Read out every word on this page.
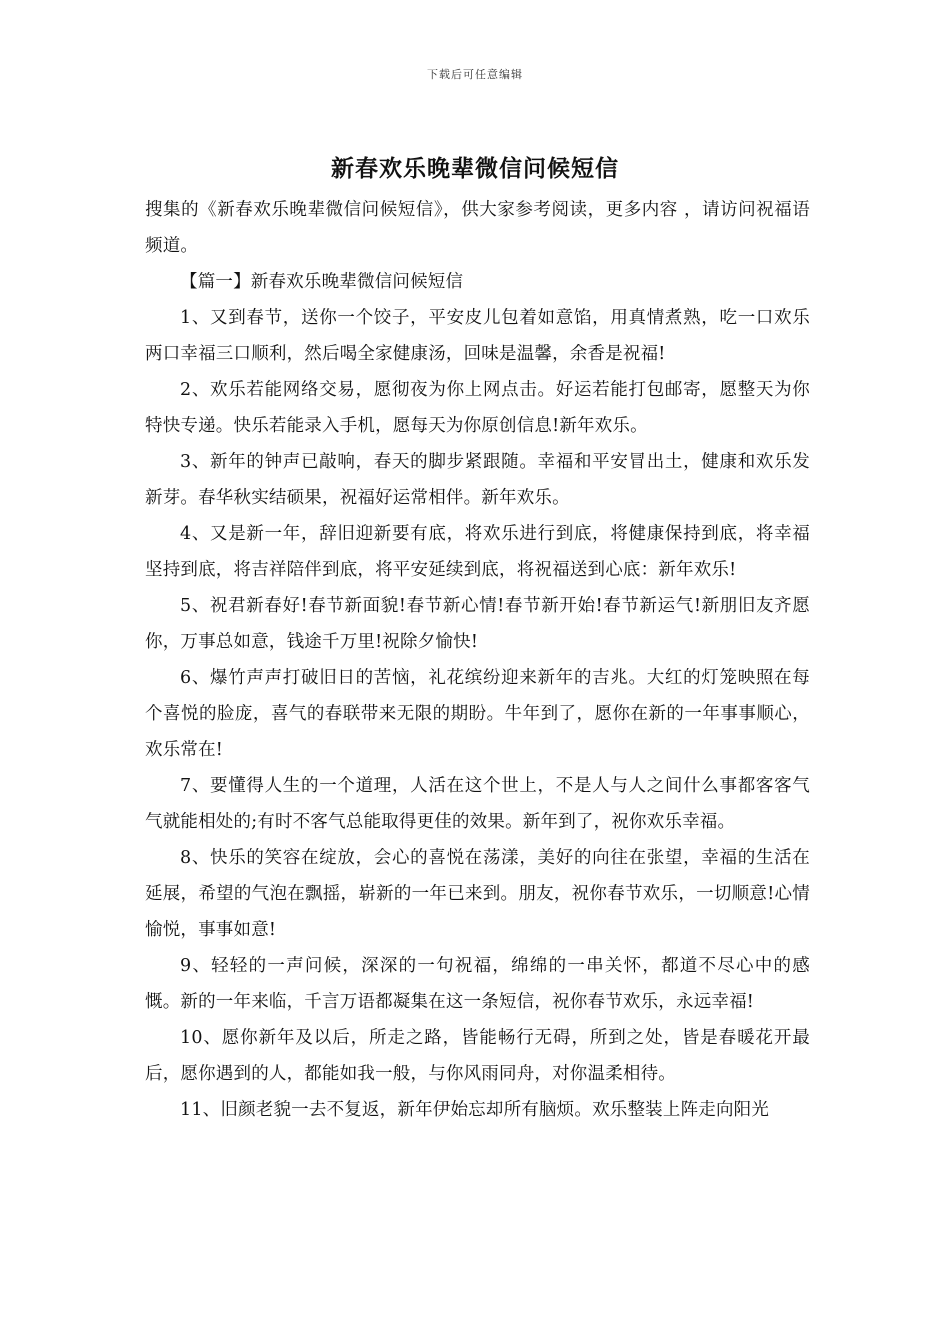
下载后可任意编辑
新春欢乐晚辈微信问候短信

搜集的《新春欢乐晚辈微信问候短信》，供大家参考阅读，更多内容 ，请访问祝福语频道。

【篇一】新春欢乐晚辈微信问候短信

1、又到春节，送你一个饺子，平安皮儿包着如意馅，用真情煮熟，吃一口欢乐两口幸福三口顺利，然后喝全家健康汤，回味是温馨，余香是祝福!

2、欢乐若能网络交易，愿彻夜为你上网点击。好运若能打包邮寄，愿整天为你特快专递。快乐若能录入手机，愿每天为你原创信息!新年欢乐。

3、新年的钟声已敲响，春天的脚步紧跟随。幸福和平安冒出土，健康和欢乐发新芽。春华秋实结硕果，祝福好运常相伴。新年欢乐。

4、又是新一年，辞旧迎新要有底，将欢乐进行到底，将健康保持到底，将幸福坚持到底，将吉祥陪伴到底，将平安延续到底，将祝福送到心底：新年欢乐!

5、祝君新春好!春节新面貌!春节新心情!春节新开始!春节新运气!新朋旧友齐愿你，万事总如意，钱途千万里!祝除夕愉快!

6、爆竹声声打破旧日的苦恼，礼花缤纷迎来新年的吉兆。大红的灯笼映照在每个喜悦的脸庞，喜气的春联带来无限的期盼。牛年到了，愿你在新的一年事事顺心，欢乐常在!

7、要懂得人生的一个道理，人活在这个世上，不是人与人之间什么事都客客气气就能相处的;有时不客气总能取得更佳的效果。新年到了，祝你欢乐幸福。

8、快乐的笑容在绽放，会心的喜悦在荡漾，美好的向往在张望，幸福的生活在延展，希望的气泡在飘摇，崭新的一年已来到。朋友，祝你春节欢乐，一切顺意!心情愉悦，事事如意!

9、轻轻的一声问候，深深的一句祝福，绵绵的一串关怀，都道不尽心中的感慨。新的一年来临，千言万语都凝集在这一条短信，祝你春节欢乐，永远幸福!

10、愿你新年及以后，所走之路，皆能畅行无碍，所到之处，皆是春暖花开最后，愿你遇到的人，都能如我一般，与你风雨同舟，对你温柔相待。

11、旧颜老貌一去不复返，新年伊始忘却所有脑烦。欢乐整装上阵走向阳光
